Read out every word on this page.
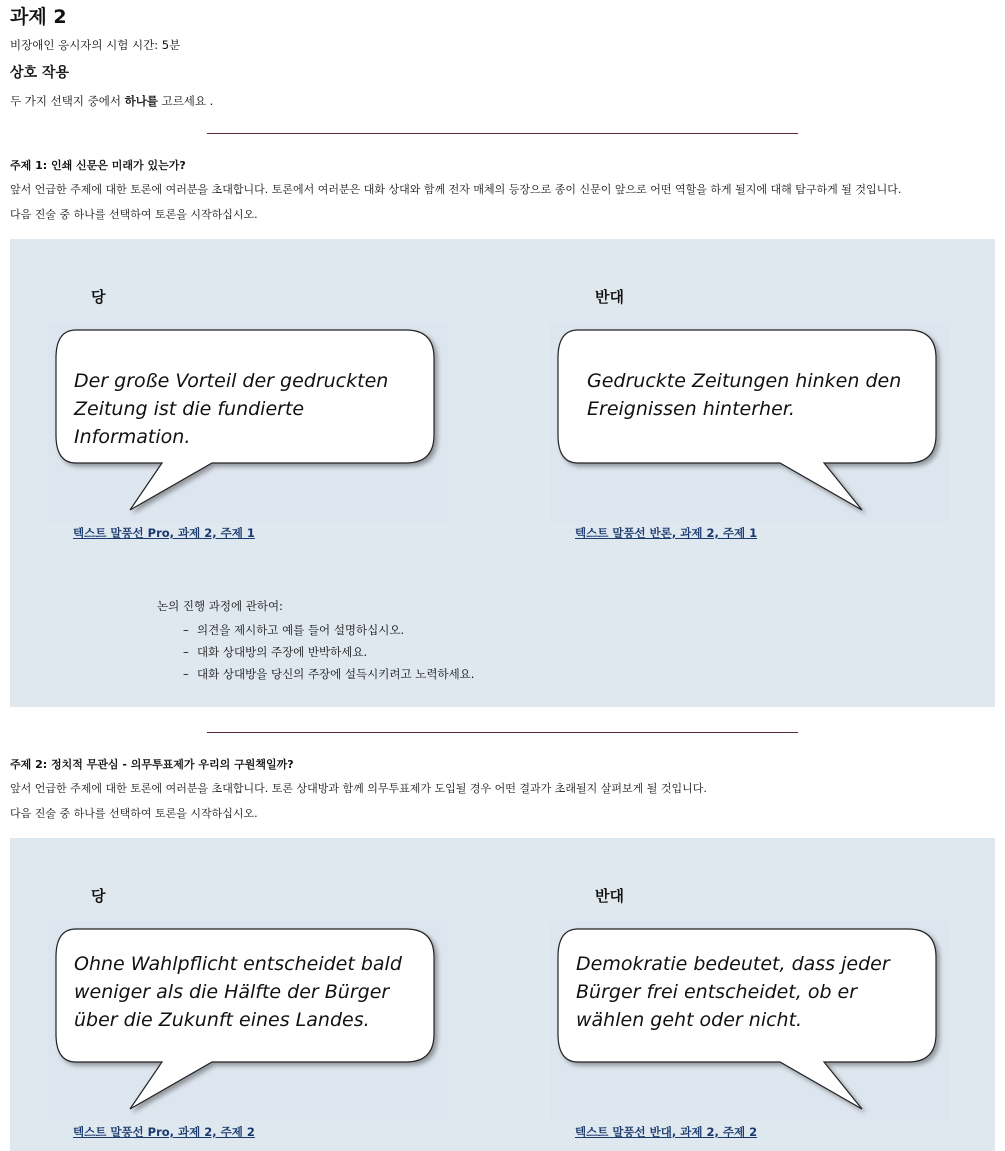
과제 2
비장애인 응시자의 시험 시간: 5분
상호 작용
두 가지 선택지 중에서 하나를 고르세요 .
주제 1: 인쇄 신문은 미래가 있는가?
앞서 언급한 주제에 대한 토론에 여러분을 초대합니다. 토론에서 여러분은 대화 상대와 함께 전자 매체의 등장으로 종이 신문이 앞으로 어떤 역할을 하게 될지에 대해 탐구하게 될 것입니다.
다음 진술 중 하나를 선택하여 토론을 시작하십시오.
당	반대

Der große Vorteil der gedruckten Zeitung ist die fundierte Information.

텍스트 말풍선 Pro, 과제 2, 주제 1

Gedruckte Zeitungen hinken den Ereignissen hinterher.

텍스트 말풍선 반론, 과제 2, 주제 1
논의 진행 과정에 관하여:
– 의견을 제시하고 예를 들어 설명하십시오.
– 대화 상대방의 주장에 반박하세요.
– 대화 상대방을 당신의 주장에 설득시키려고 노력하세요.
주제 2: 정치적 무관심 - 의무투표제가 우리의 구원책일까?
앞서 언급한 주제에 대한 토론에 여러분을 초대합니다. 토론 상대방과 함께 의무투표제가 도입될 경우 어떤 결과가 초래될지 살펴보게 될 것입니다.
다음 진술 중 하나를 선택하여 토론을 시작하십시오.
당	반대

Ohne Wahlpflicht entscheidet bald weniger als die Hälfte der Bürger über die Zukunft eines Landes.

텍스트 말풍선 Pro, 과제 2, 주제 2

Demokratie bedeutet, dass jeder Bürger frei entscheidet, ob er wählen geht oder nicht.

텍스트 말풍선 반대, 과제 2, 주제 2
